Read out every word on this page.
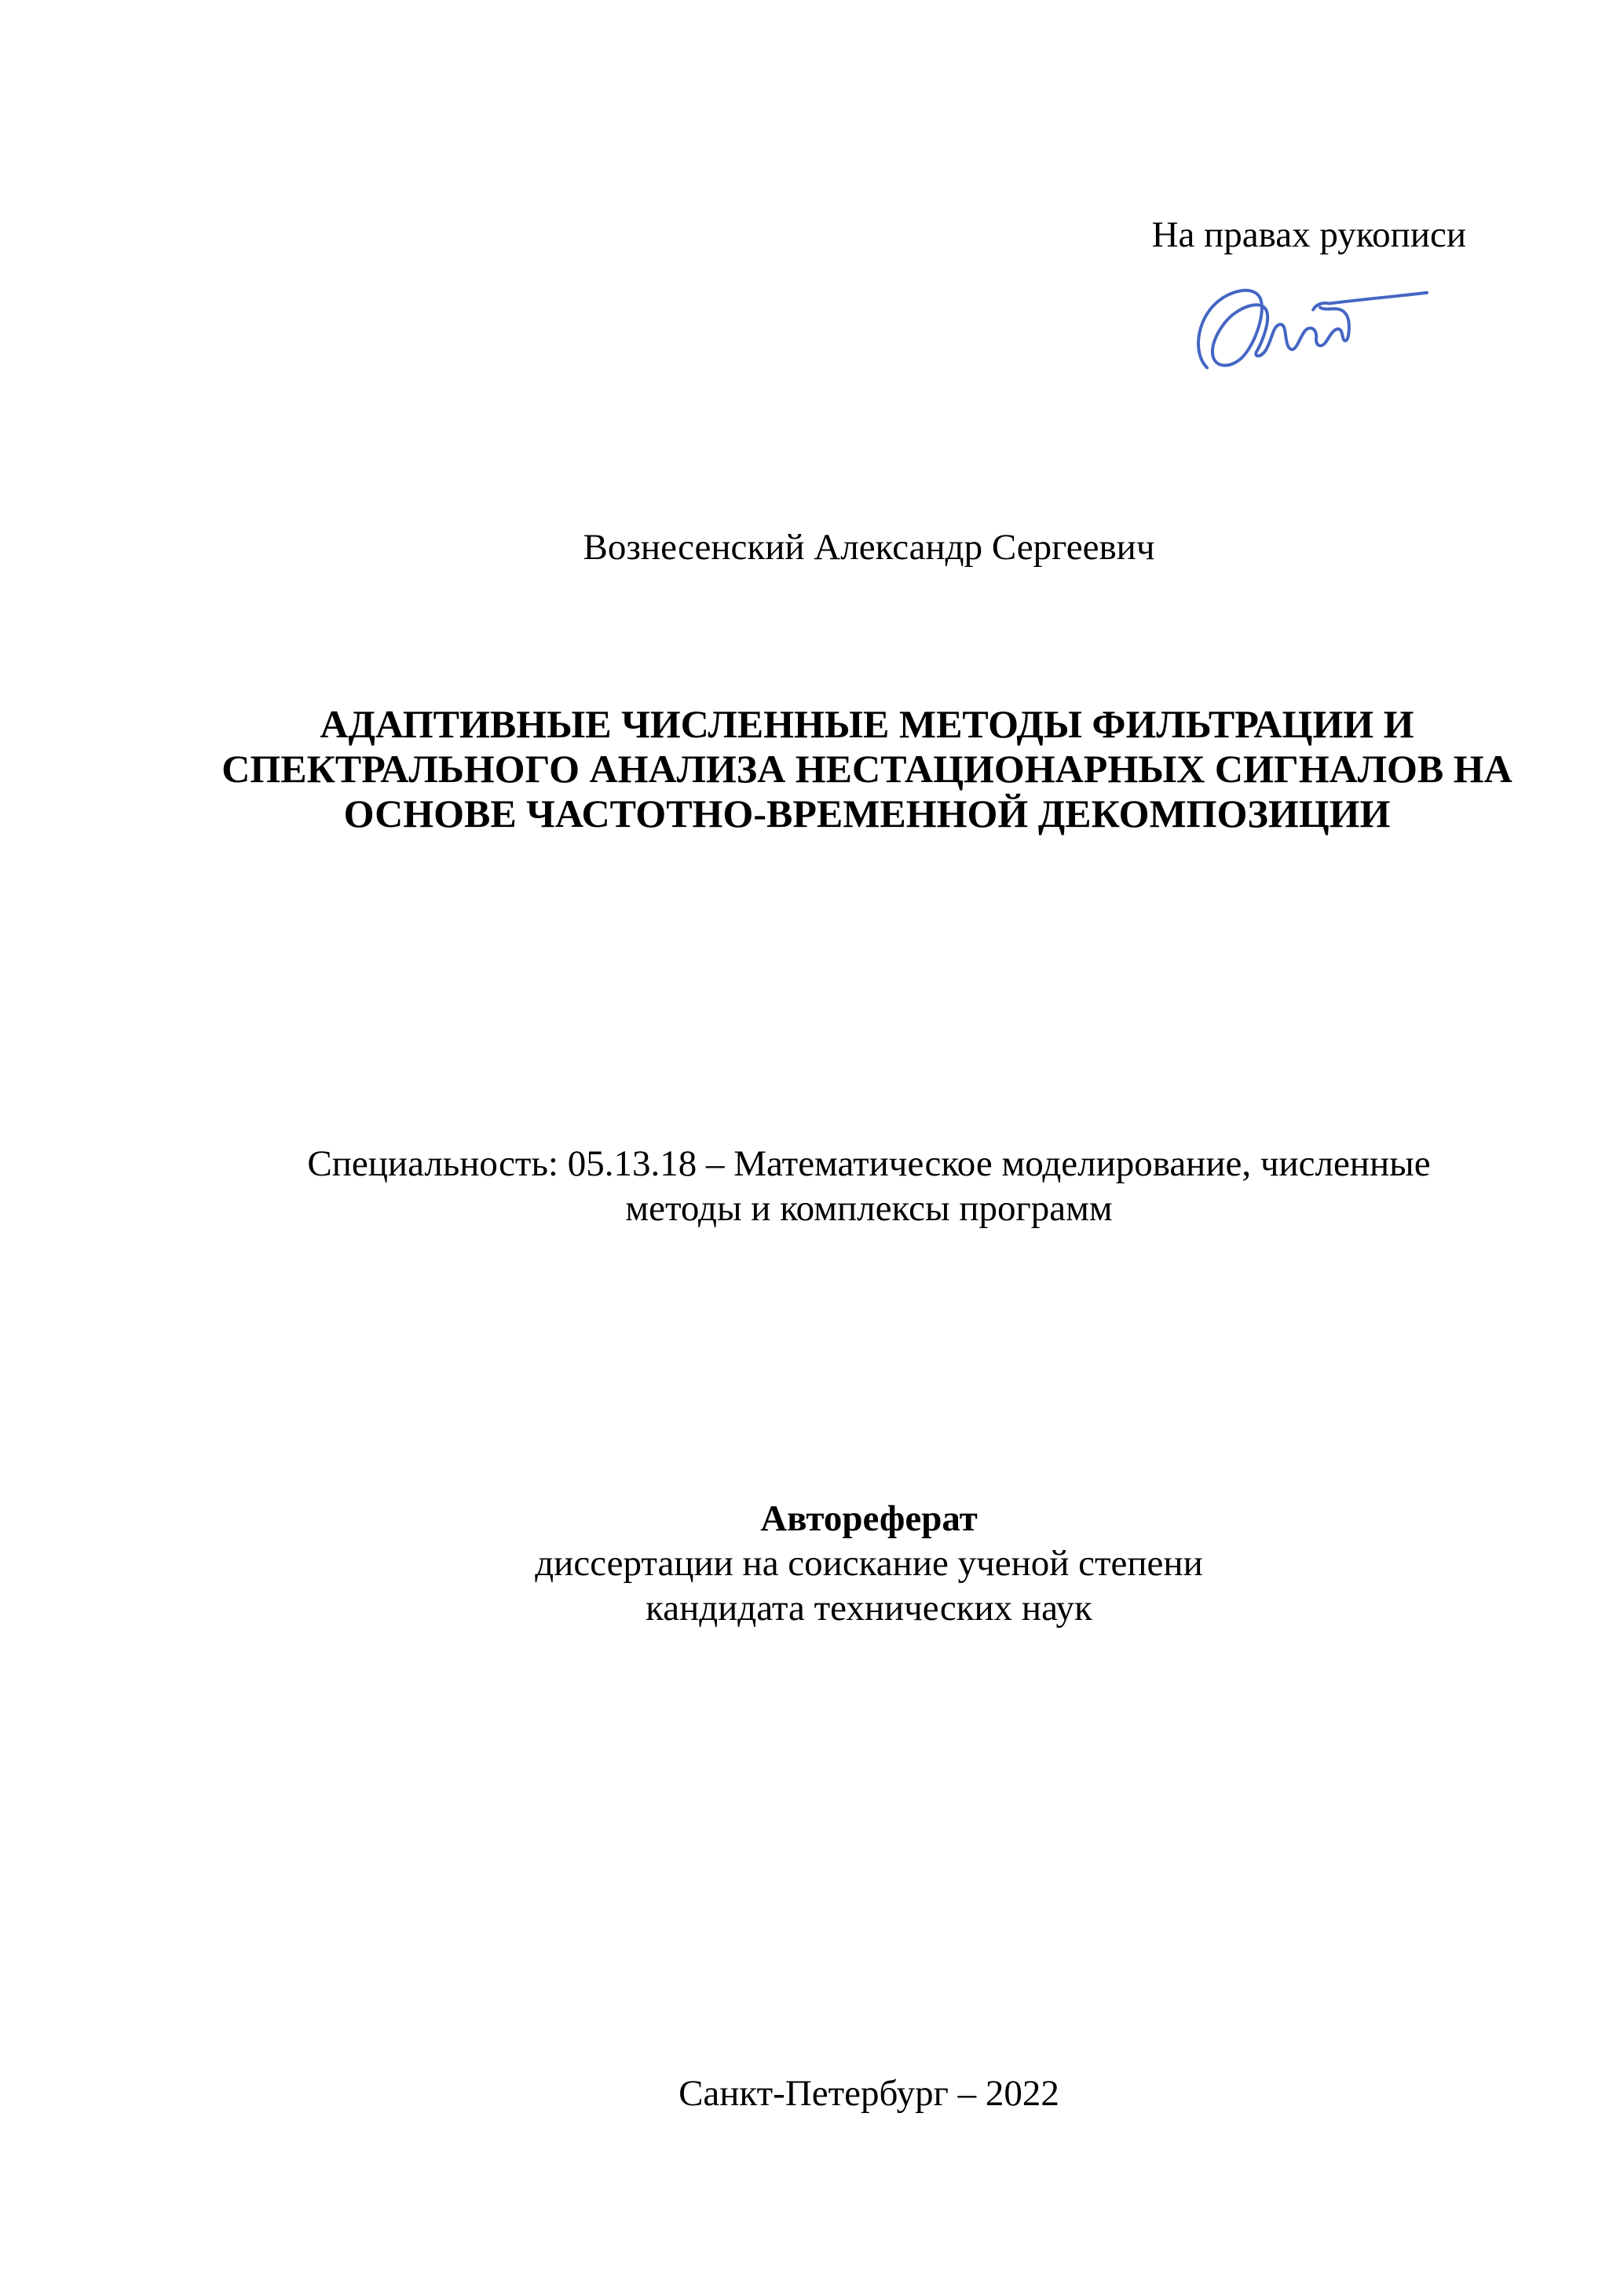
На правах рукописи
Вознесенский Александр Сергеевич
АДАПТИВНЫЕ ЧИСЛЕННЫЕ МЕТОДЫ ФИЛЬТРАЦИИ И
СПЕКТРАЛЬНОГО АНАЛИЗА НЕСТАЦИОНАРНЫХ СИГНАЛОВ НА
ОСНОВЕ ЧАСТОТНО-ВРЕМЕННОЙ ДЕКОМПОЗИЦИИ
Специальность: 05.13.18 – Математическое моделирование, численные
методы и комплексы программ
Автореферат
диссертации на соискание ученой степени
кандидата технических наук
Санкт-Петербург – 2022
